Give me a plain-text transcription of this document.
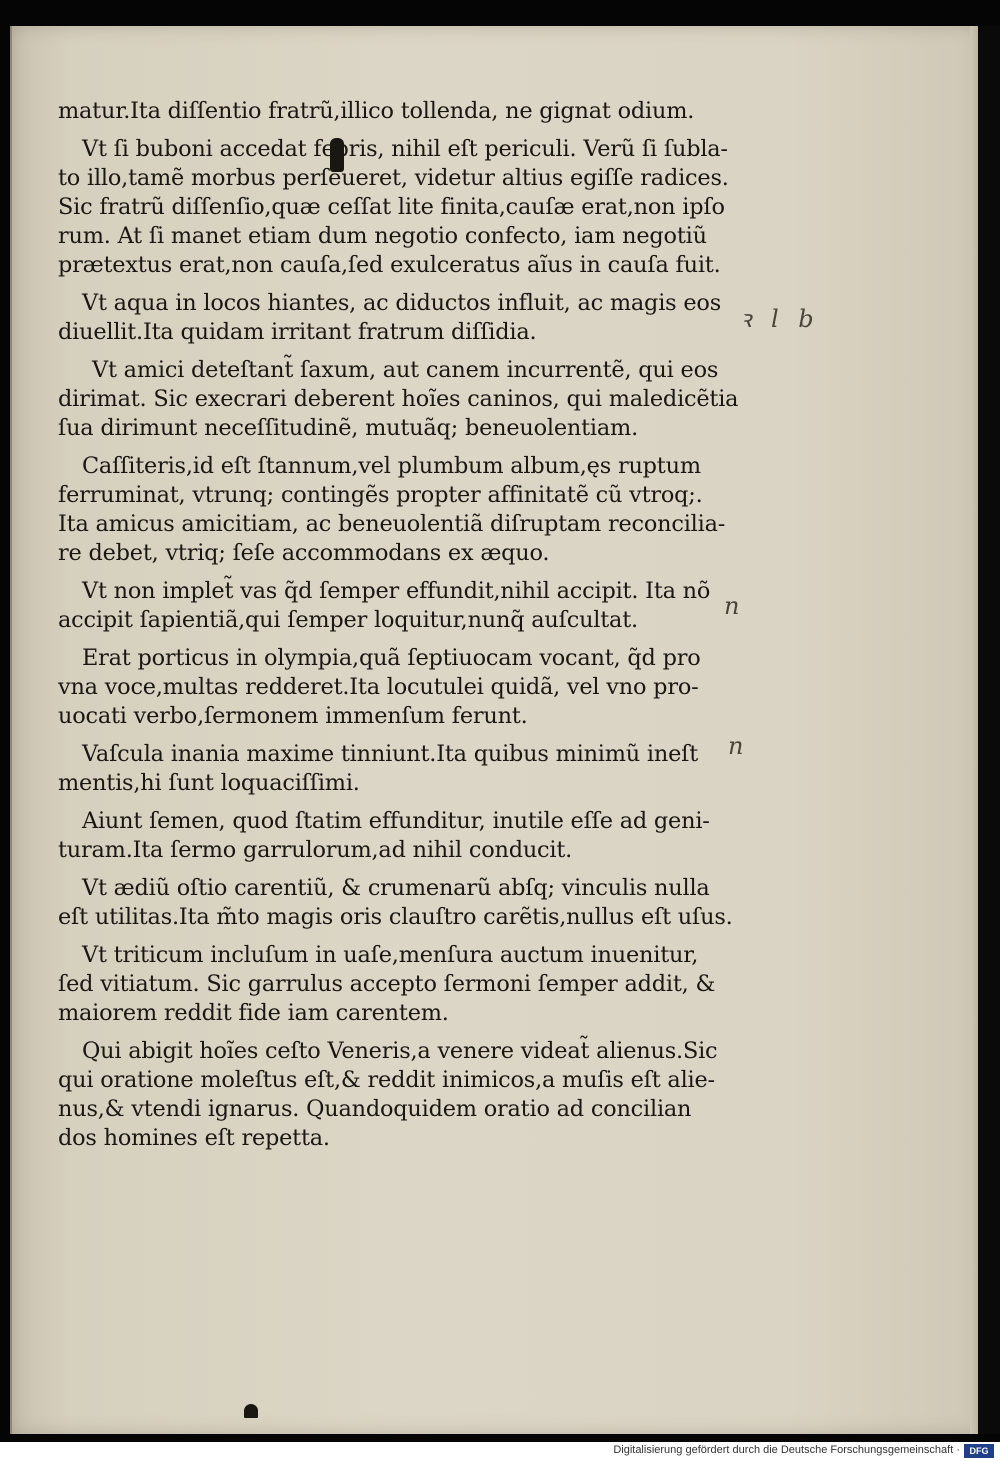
matur.Ita diſſentio fratrũ,illico tollenda, ne gignat odium.

Vt ſi buboni accedat febris, nihil eſt periculi. Verũ ſi ſubla-
to illo,tamẽ morbus perſeueret, videtur altius egiſſe radices.
Sic fratrũ diſſenſio,quæ ceſſat lite finita,cauſæ erat,non ipſo
rum. At ſi manet etiam dum negotio confecto, iam negotiũ
prætextus erat,non cauſa,ſed exulceratus aĩus in cauſa fuit.

Vt aqua in locos hiantes, ac diductos influit, ac magis eos
diuellit.Ita quidam irritant fratrum diſſidia.

Vt amici deteſtant̃ ſaxum, aut canem incurrentẽ, qui eos
dirimat. Sic execrari deberent hoĩes caninos, qui maledicẽtia
ſua dirimunt neceſſitudinẽ, mutuãq; beneuolentiam.

Caſſiteris,id eſt ſtannum,vel plumbum album,ęs ruptum
ferruminat, vtrunq; contingẽs propter affinitatẽ cũ vtroq;.
Ita amicus amicitiam, ac beneuolentiã diſruptam reconcilia-
re debet, vtriq; ſeſe accommodans ex æquo.

Vt non implet̃ vas q̃d ſemper effundit,nihil accipit. Ita nõ
accipit ſapientiã,qui ſemper loquitur,nunq̃ auſcultat.

Erat porticus in olympia,quã ſeptiuocam vocant, q̃d pro
vna voce,multas redderet.Ita locutulei quidã, vel vno pro-
uocati verbo,ſermonem immenſum ferunt.

Vaſcula inania maxime tinniunt.Ita quibus minimũ ineſt
mentis,hi ſunt loquaciſſimi.

Aiunt ſemen, quod ſtatim effunditur, inutile eſſe ad geni-
turam.Ita ſermo garrulorum,ad nihil conducit.

Vt ædiũ oſtio carentiũ, & crumenarũ abſq; vinculis nulla
eſt utilitas.Ita m̃to magis oris clauſtro carẽtis,nullus eſt uſus.

Vt triticum incluſum in uaſe,menſura auctum inuenitur,
ſed vitiatum. Sic garrulus accepto ſermoni ſemper addit, &
maiorem reddit fide iam carentem.

Qui abigit hoĩes ceſto Veneris,a venere videat̃ alienus.Sic
qui oratione moleſtus eſt,& reddit inimicos,a muſis eſt alie-
nus,& vtendi ignarus. Quandoquidem oratio ad concilian
dos homines eſt repetta.

ꝛ l b
n
n
Digitalisierung gefördert durch die Deutsche Forschungsgemeinschaft ·	DFG
